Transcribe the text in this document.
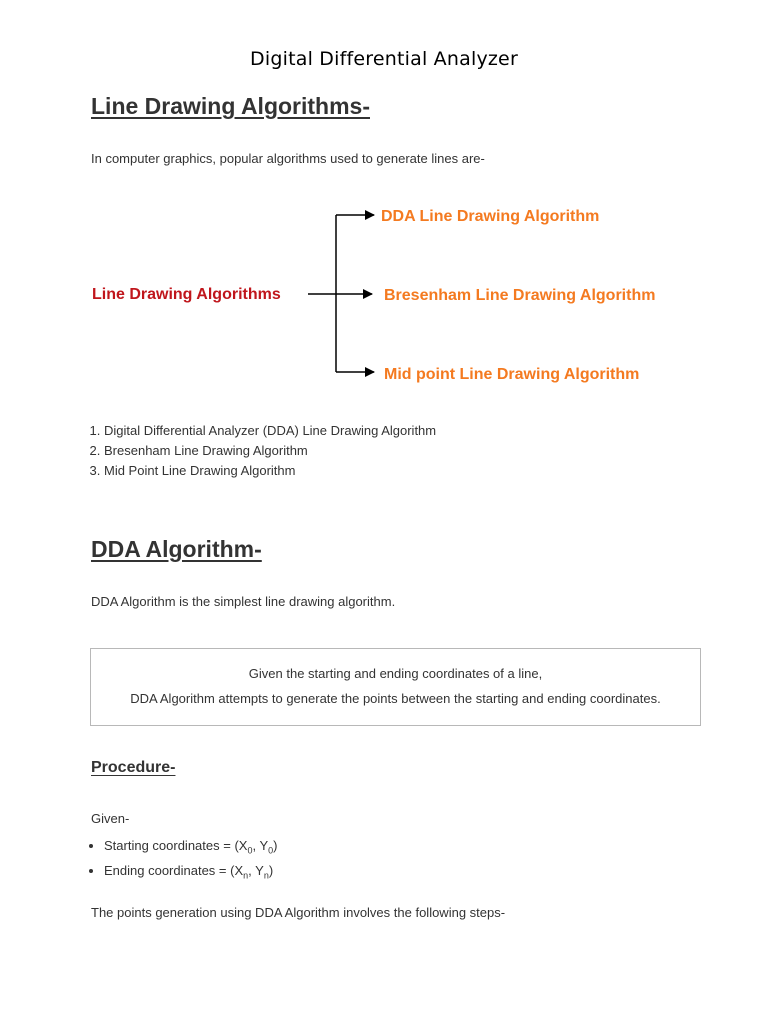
Digital Differential Analyzer
Line Drawing Algorithms-

In computer graphics, popular algorithms used to generate lines are-

Line Drawing Algorithms

DDA Line Drawing Algorithm

Bresenham Line Drawing Algorithm

Mid point Line Drawing Algorithm

1. Digital Differential Analyzer (DDA) Line Drawing Algorithm
2. Bresenham Line Drawing Algorithm
3. Mid Point Line Drawing Algorithm
DDA Algorithm-

DDA Algorithm is the simplest line drawing algorithm.

Given the starting and ending coordinates of a line,

DDA Algorithm attempts to generate the points between the starting and ending coordinates.

Procedure-

Given-

• Starting coordinates = ($X_0$, $Y_0$)
• Ending coordinates = ($X_n$, $Y_n$)

The points generation using DDA Algorithm involves the following steps-
